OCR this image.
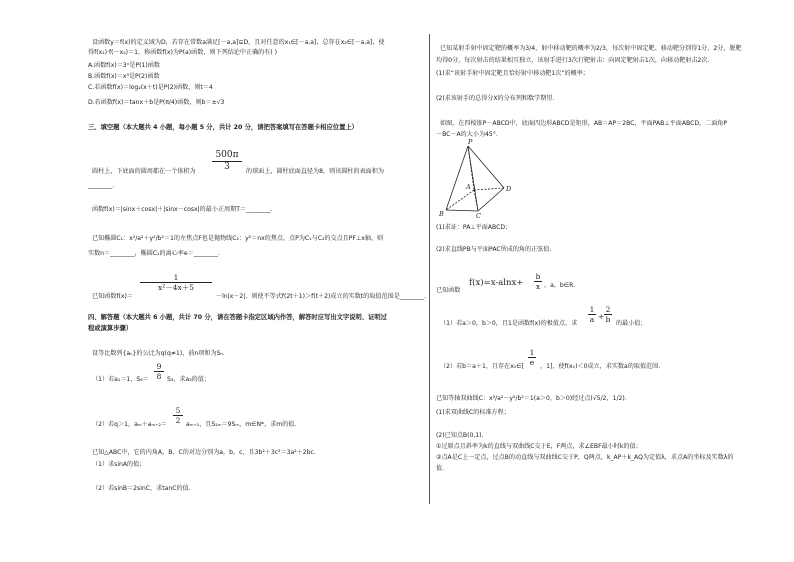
设函数y＝f(x)的定义域为D，若存在常数a满足[－a,a]⊆D，且对任意的x₁∈[－a,a]，总存在x₂∈[－a,a]，使
得f(x₁)·f(－x₂)＝1，称函数f(x)为P(a)函数，则下列结论中正确的有( )
A.函数f(x)＝3ˣ是P(1)函数
B.函数f(x)＝x³是P(2)函数
C.若函数f(x)＝log₂(x＋t)是P(2)函数，则t＝4
D.若函数f(x)＝tanx＋b是P(π/4)函数，则b＝±√3
三、填空题（本大题共 4 小题，每小题 5 分，共计 20 分，请把答案填写在答题卡相应位置上）
$\frac{500\pi}{3}$
圆柱上、下底面的圆周都在一个体积为	的球面上，圆柱底面直径为8，则该圆柱的表面积为
________.
函数f(x)＝|sinx＋cosx|＋|sinx－cosx|的最小正周期T＝________.
已知椭圆C₁：x²/a²＋y²/b²＝1的左焦点F也是抛物线C₂：y²＝nx的焦点，点P为C₁与C₂的交点且PF⊥x轴，则
实数n＝________，椭圆C₁的离心率e＝________.
$\frac{1}{\text{x²－4x＋5}}$
已知函数f(x)＝	－ln|x－2|，则使不等式f(2t＋1)＞f(t＋2)成立的实数t的取值范围是________.
四、解答题（本大题共 6 小题，共计 70 分，请在答题卡指定区域内作答，解答时应写出文字说明、证明过
程或演算步骤）
设等比数列{aₙ}的公比为q(q≠1)，前n项和为Sₙ.
$\frac{9}{8}$
（1）若a₁＝1，S₆＝	S₃，求a₃的值；
$\frac{5}{2}$
（2）若q＞1，aₘ＋aₘ₊₂＝	aₘ₊₁，且S₂ₘ＝9Sₘ，m∈N*，求m的值.
已知△ABC中，它的内角A，B，C的对边分别为a，b，c，且3b²＋3c²＝3a²＋2bc.
（1）求sinA的值；
（2）若sinB＝2sinC，求tanC的值.
已知某射手射中固定靶的概率为3/4，射中移动靶的概率为2/3，每次射中固定靶、移动靶分别得1分、2分，脱靶
均得0分，每次射击的结果相互独立，该射手进行3次打靶射击：向固定靶射击1次，向移动靶射击2次.
(1)求“该射手射中固定靶且恰好射中移动靶1次”的概率；
(2)求该射手的总得分X的分布列和数学期望.
如图，在四棱锥P－ABCD中，底面四边形ABCD是矩形，AB＝AP＝2BC，平面PAB⊥平面ABCD，二面角P
－BC－A的大小为45°.
P
A
B	C
D
(1)求证：PA⊥平面ABCD；
(2)求直线PB与平面PAC所成的角的正弦值.
已知函数
$f(x)=x-alnx+ \frac{b}{x}$ ，a，b∈R.
（1）若a＞0，b＞0，且1是函数f(x)的极值点，求 $\frac{1}{a} + \frac{2}{b}$ 的最小值；
$\frac{1}{e}$
（2）若b＝a＋1，且存在x₀∈[	，1]，使f(x₀)＜0成立，求实数a的取值范围.
已知等轴双曲线C：x²/a²－y²/b²＝1(a＞0，b＞0)经过点(√5/2，1/2).
(1)求双曲线C的标准方程；
(2)已知点B(0,1).
①过原点且斜率为k的直线与双曲线C交于E，F两点，求∠EBF最小时k的值；
②点A是C上一定点，过点B的动直线与双曲线C交于P，Q两点，k_AP＋k_AQ为定值λ，求点A的坐标及实数λ的
值.
